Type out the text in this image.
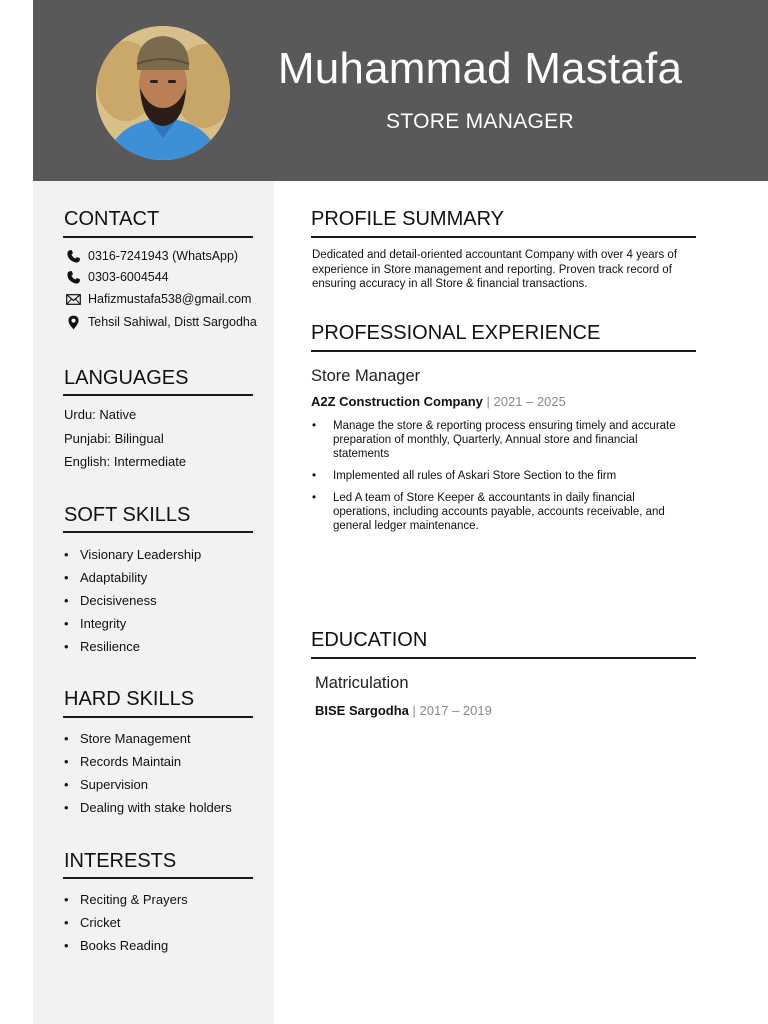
Muhammad Mastafa
STORE MANAGER
CONTACT
0316-7241943 (WhatsApp)
0303-6004544
Hafizmustafa538@gmail.com
Tehsil Sahiwal, Distt Sargodha
LANGUAGES
Urdu: Native
Punjabi: Bilingual
English: Intermediate
SOFT SKILLS
• Visionary Leadership
• Adaptability
• Decisiveness
• Integrity
• Resilience
HARD SKILLS
• Store Management
• Records Maintain
• Supervision
• Dealing with stake holders
INTERESTS
• Reciting & Prayers
• Cricket
• Books Reading
PROFILE SUMMARY
Dedicated and detail-oriented accountant Company with over 4 years of experience in Store management and reporting. Proven track record of ensuring accuracy in all Store & financial transactions.
PROFESSIONAL EXPERIENCE
Store Manager
A2Z Construction Company | 2021 – 2025
• Manage the store & reporting process ensuring timely and accurate preparation of monthly, Quarterly, Annual store and financial statements
• Implemented all rules of Askari Store Section to the firm
• Led A team of Store Keeper & accountants in daily financial operations, including accounts payable, accounts receivable, and general ledger maintenance.
EDUCATION
Matriculation
BISE Sargodha | 2017 – 2019
